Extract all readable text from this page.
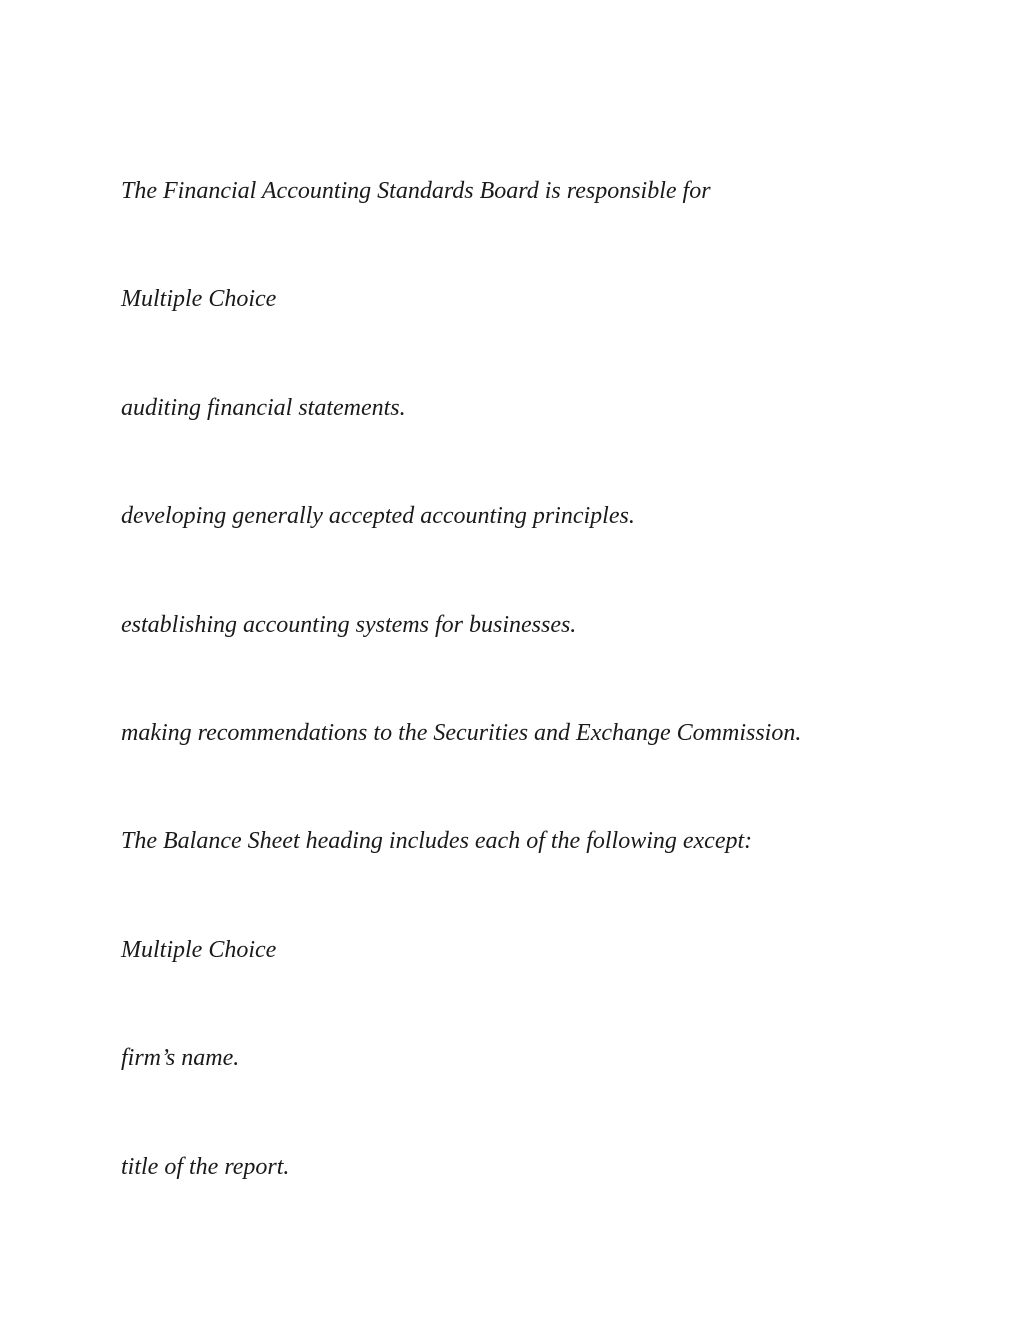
The Financial Accounting Standards Board is responsible for

Multiple Choice

auditing financial statements.

developing generally accepted accounting principles.

establishing accounting systems for businesses.

making recommendations to the Securities and Exchange Commission.

The Balance Sheet heading includes each of the following except:

Multiple Choice

firm’s name.

title of the report.
